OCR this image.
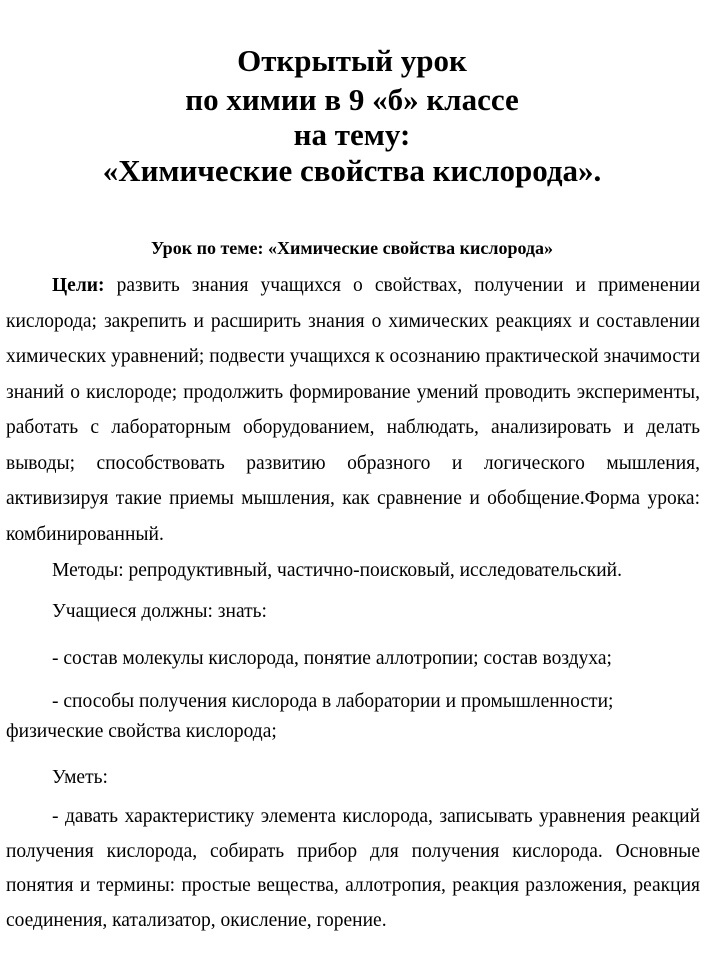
Открытый урок
по химии в 9 «б» классе
на тему:
«Химические свойства кислорода».
Урок по теме: «Химические свойства кислорода»
Цели: развить знания учащихся о свойствах, получении и применении кислорода; закрепить и расширить знания о химических реакциях и составлении химических уравнений; подвести учащихся к осознанию практической значимости знаний о кислороде; продолжить формирование умений проводить эксперименты, работать с лабораторным оборудованием, наблюдать, анализировать и делать выводы; способствовать развитию образного и логического мышления, активизируя такие приемы мышления, как сравнение и обобщение.Форма урока: комбинированный.
Методы: репродуктивный, частично-поисковый, исследовательский.
Учащиеся должны: знать:
- состав молекулы кислорода, понятие аллотропии; состав воздуха;
- способы получения кислорода в лаборатории и промышленности;
физические свойства кислорода;
Уметь:
- давать характеристику элемента кислорода, записывать уравнения реакций получения кислорода, собирать прибор для получения кислорода. Основные понятия и термины: простые вещества, аллотропия, реакция разложения, реакция соединения, катализатор, окисление, горение.
